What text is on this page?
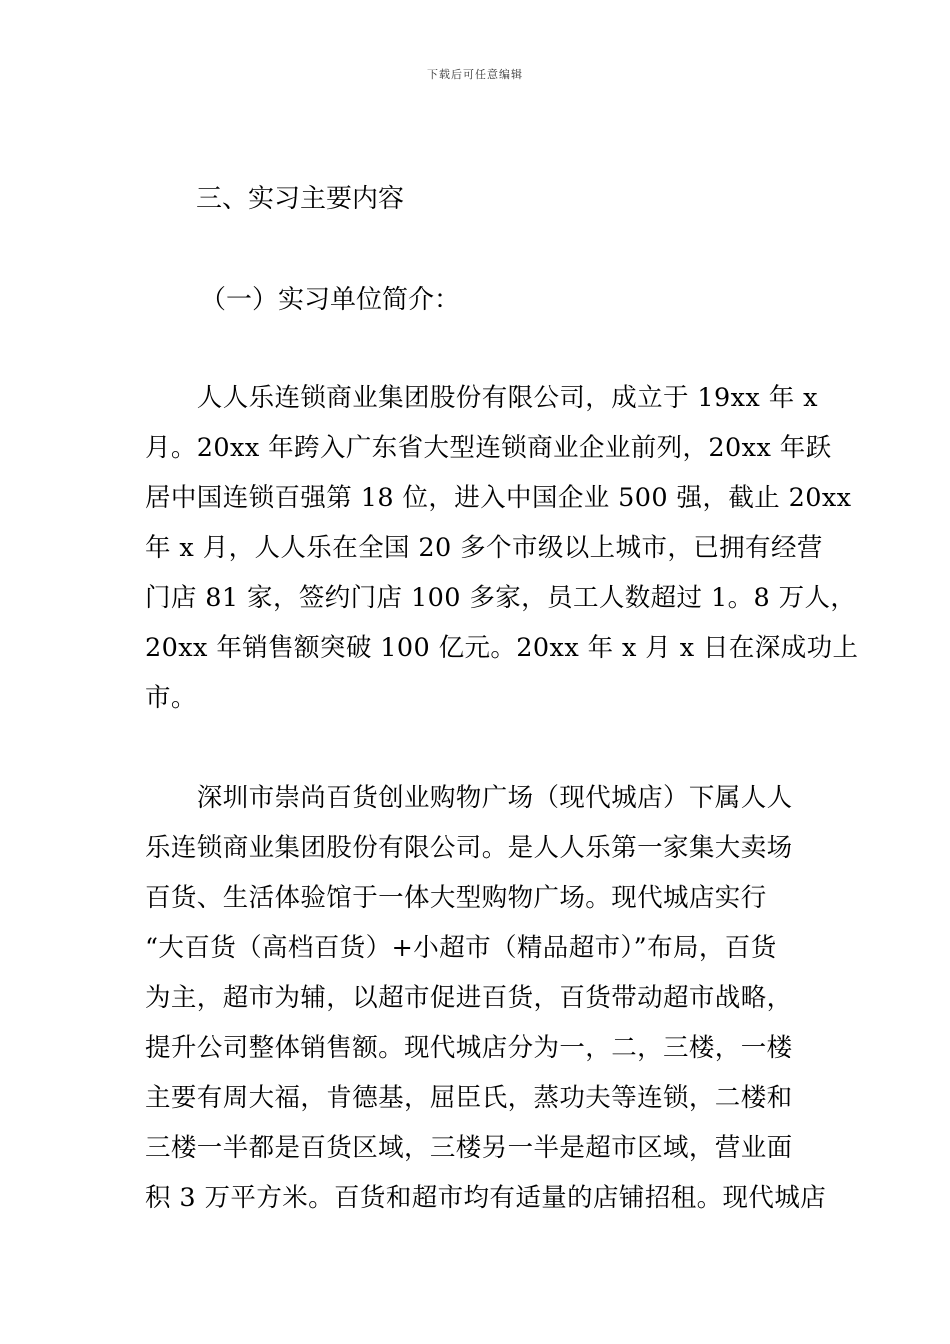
下载后可任意编辑
三、实习主要内容
（一）实习单位简介：
　　人人乐连锁商业集团股份有限公司，成立于 19xx 年 x
月。20xx 年跨入广东省大型连锁商业企业前列，20xx 年跃
居中国连锁百强第 18 位，进入中国企业 500 强，截止 20xx
年 x 月，人人乐在全国 20 多个市级以上城市，已拥有经营
门店 81 家，签约门店 100 多家，员工人数超过 1。8 万人，
20xx 年销售额突破 100 亿元。20xx 年 x 月 x 日在深成功上
市。
　　深圳市崇尚百货创业购物广场（现代城店）下属人人
乐连锁商业集团股份有限公司。是人人乐第一家集大卖场
百货、生活体验馆于一体大型购物广场。现代城店实行
“大百货（高档百货）+小超市（精品超市）”布局，百货
为主，超市为辅，以超市促进百货，百货带动超市战略，
提升公司整体销售额。现代城店分为一，二，三楼，一楼
主要有周大福，肯德基，屈臣氏，蒸功夫等连锁，二楼和
三楼一半都是百货区域，三楼另一半是超市区域，营业面
积 3 万平方米。百货和超市均有适量的店铺招租。现代城店
